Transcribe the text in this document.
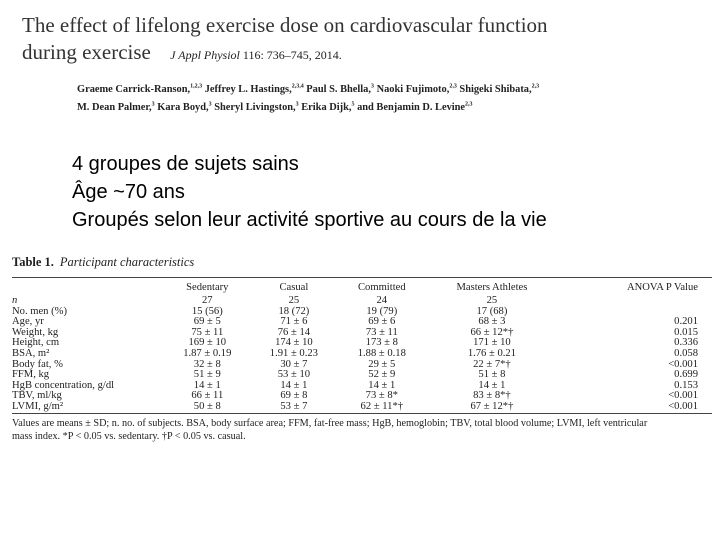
The effect of lifelong exercise dose on cardiovascular function
during exercise J Appl Physiol 116: 736–745, 2014.
Graeme Carrick-Ranson,$^{1,2,3}$ Jeffrey L. Hastings,$^{2,3,4}$ Paul S. Bhella,$^3$ Naoki Fujimoto,$^{2,3}$ Shigeki Shibata,$^{2,3}$
M. Dean Palmer,$^3$ Kara Boyd,$^3$ Sheryl Livingston,$^3$ Erika Dijk,$^5$ and Benjamin D. Levine$^{2,3}$
4 groupes de sujets sains
Âge ~70 ans
Groupés selon leur activité sportive au cours de la vie
Table 1. Participant characteristics
	Sedentary	Casual	Committed	Masters Athletes	ANOVA P Value
n	27	25	24	25	
No. men (%)	15 (56)	18 (72)	19 (79)	17 (68)	
Age, yr	69 ± 5	71 ± 6	69 ± 6	68 ± 3	0.201
Weight, kg	75 ± 11	76 ± 14	73 ± 11	66 ± 12*†	0.015
Height, cm	169 ± 10	174 ± 10	173 ± 8	171 ± 10	0.336
BSA, m²	1.87 ± 0.19	1.91 ± 0.23	1.88 ± 0.18	1.76 ± 0.21	0.058
Body fat, %	32 ± 8	30 ± 7	29 ± 5	22 ± 7*†	<0.001
FFM, kg	51 ± 9	53 ± 10	52 ± 9	51 ± 8	0.699
HgB concentration, g/dl	14 ± 1	14 ± 1	14 ± 1	14 ± 1	0.153
TBV, ml/kg	66 ± 11	69 ± 8	73 ± 8*	83 ± 8*†	<0.001
LVMI, g/m²	50 ± 8	53 ± 7	62 ± 11*†	67 ± 12*†	<0.001
Values are means ± SD; n. no. of subjects. BSA, body surface area; FFM, fat-free mass; HgB, hemoglobin; TBV, total blood volume; LVMI, left ventricular
mass index. *P < 0.05 vs. sedentary. †P < 0.05 vs. casual.
